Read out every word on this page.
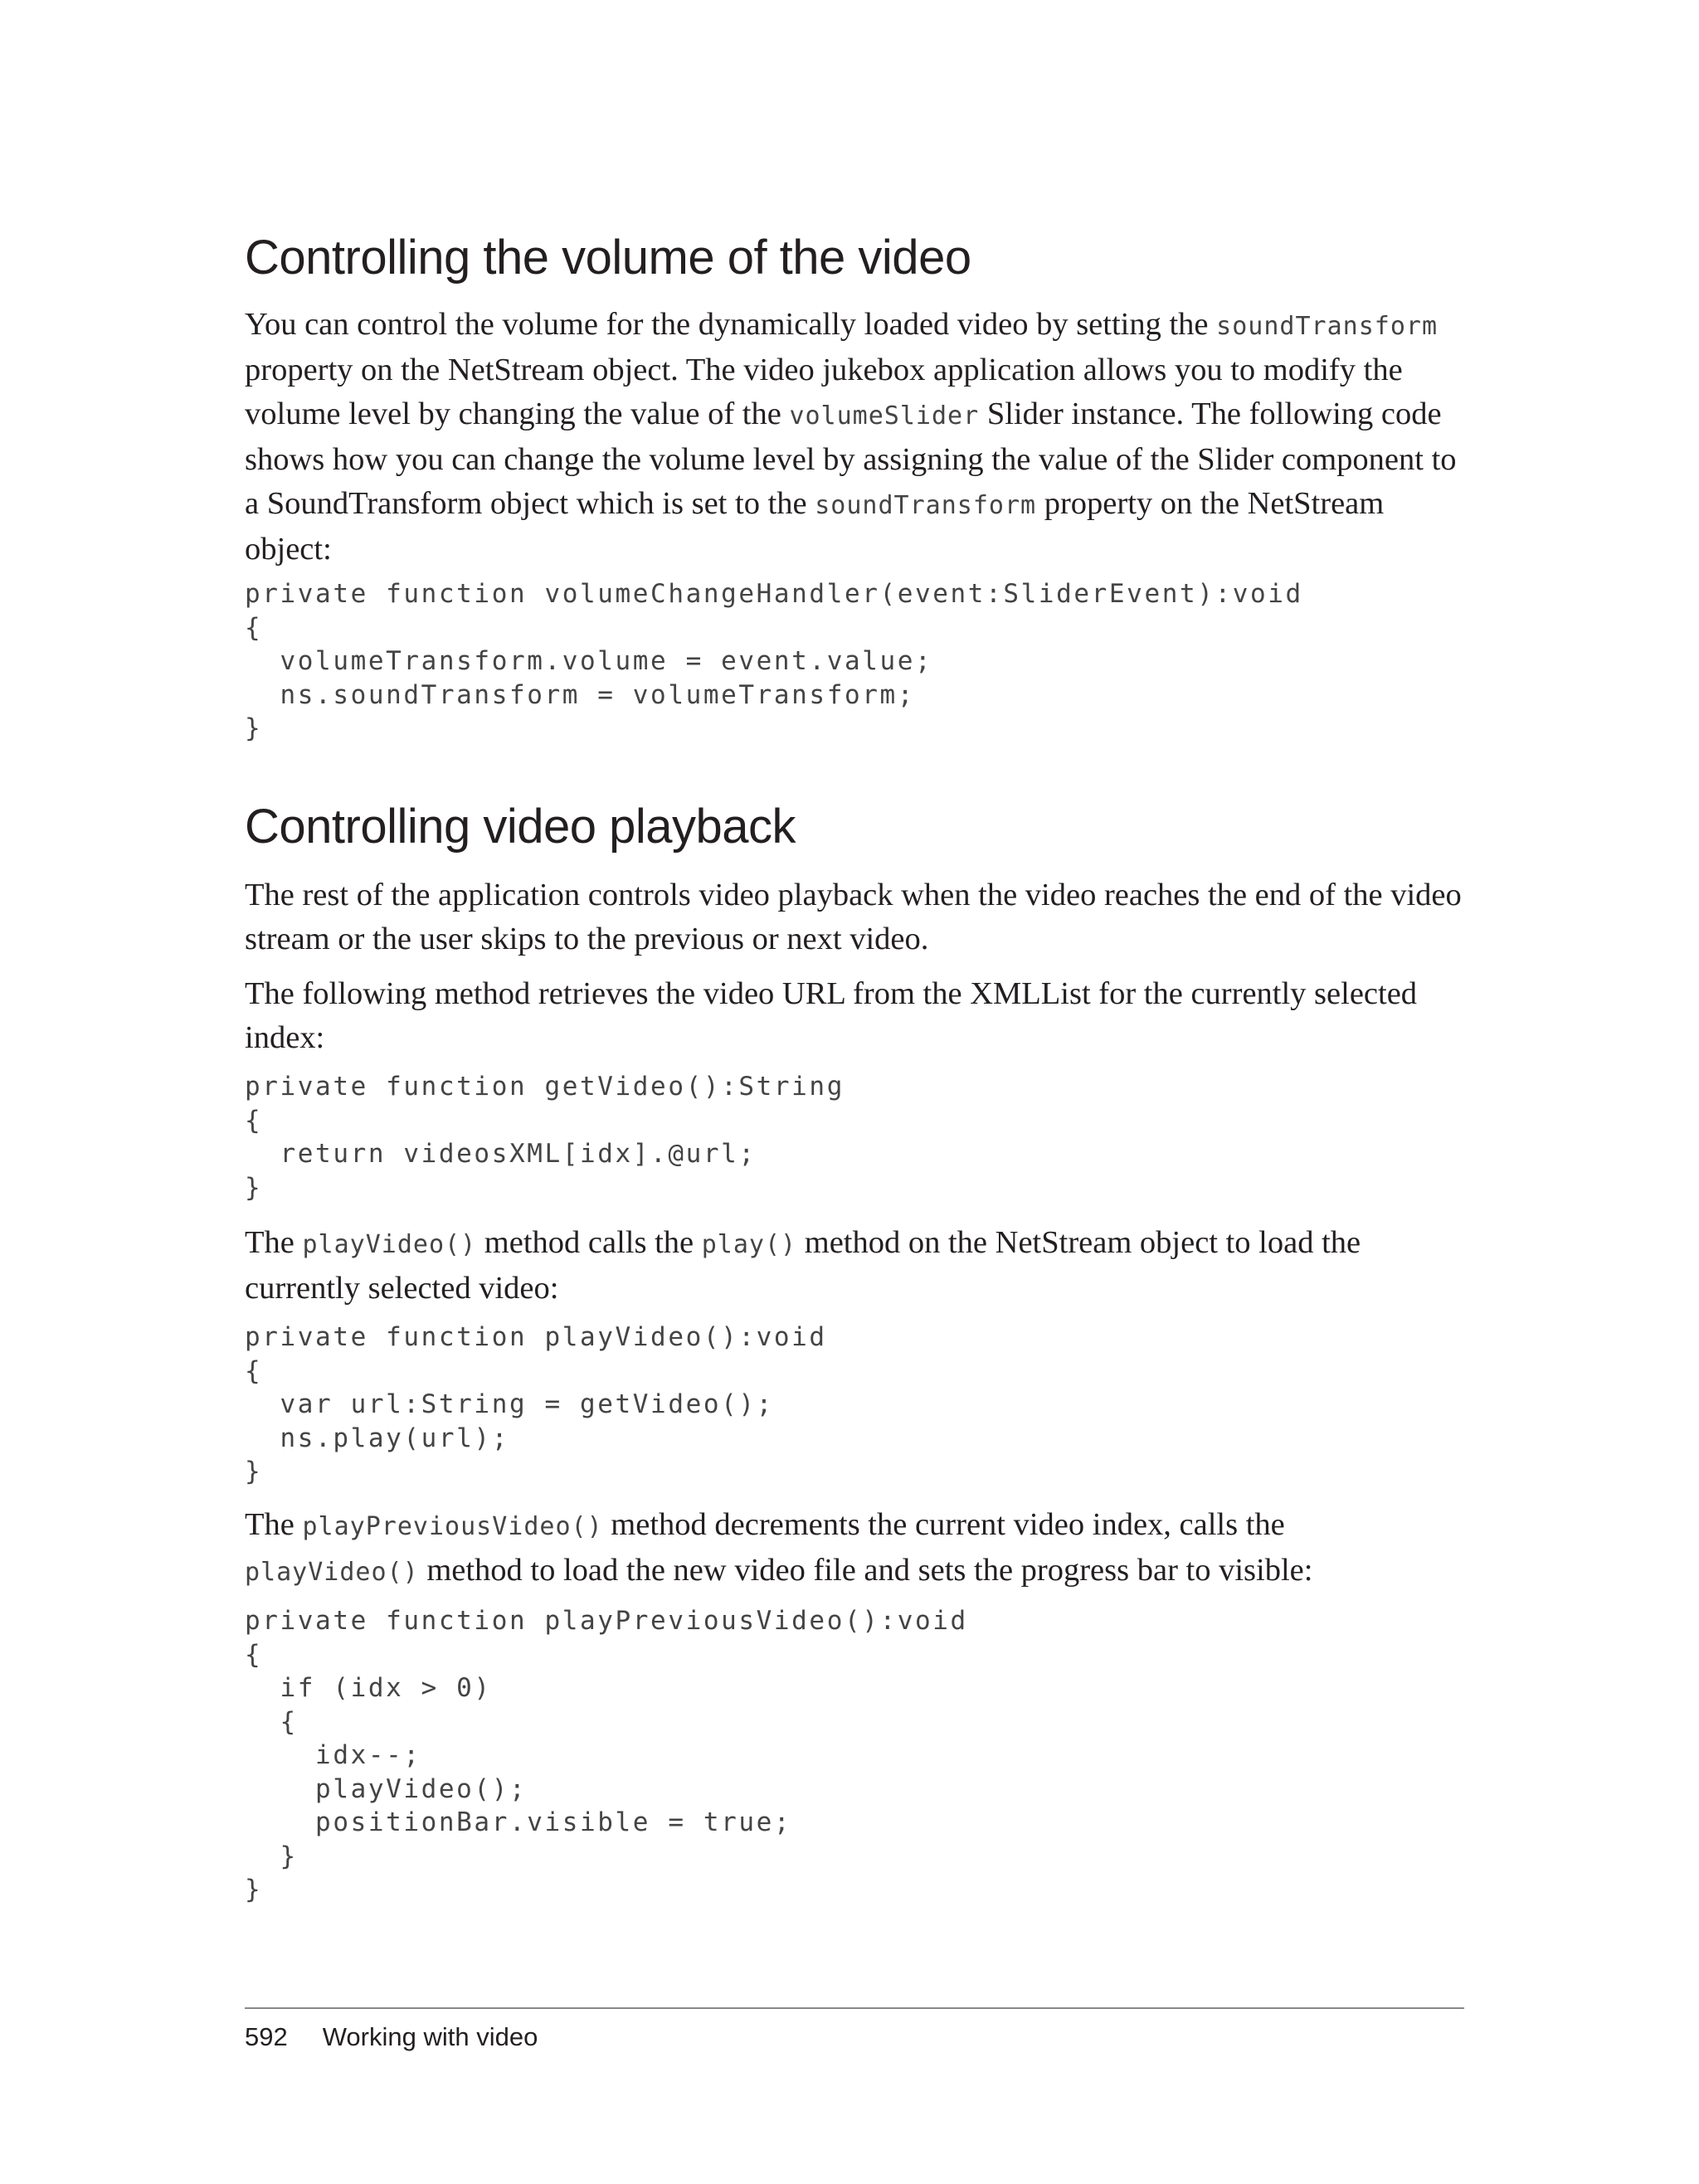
Controlling the volume of the video

You can control the volume for the dynamically loaded video by setting the soundTransform property on the NetStream object. The video jukebox application allows you to modify the volume level by changing the value of the volumeSlider Slider instance. The following code shows how you can change the volume level by assigning the value of the Slider component to a SoundTransform object which is set to the soundTransform property on the NetStream object:

private function volumeChangeHandler(event:SliderEvent):void
{
volumeTransform.volume = event.value;
ns.soundTransform = volumeTransform;
}
Controlling video playback

The rest of the application controls video playback when the video reaches the end of the video stream or the user skips to the previous or next video.

The following method retrieves the video URL from the XMLList for the currently selected index:

private function getVideo():String
{
return videosXML[idx].@url;
}

The playVideo() method calls the play() method on the NetStream object to load the currently selected video:

private function playVideo():void
{
var url:String = getVideo();
ns.play(url);
}

The playPreviousVideo() method decrements the current video index, calls the playVideo() method to load the new video file and sets the progress bar to visible:

private function playPreviousVideo():void
{
if (idx > 0)
{
idx--;
playVideo();
positionBar.visible = true;
}
}
592 Working with video
